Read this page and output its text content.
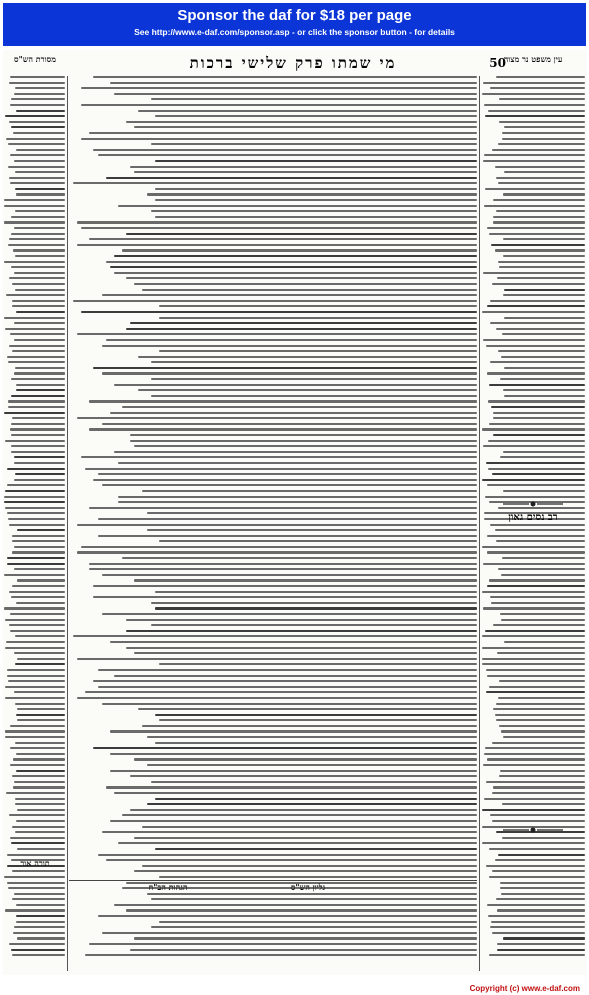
Sponsor the daf for $18 per page
See http://www.e-daf.com/sponsor.asp - or click the sponsor button - for details
50
מי שמתו פרק שלישי ברכות	עין משפט נר מצוה
מסורת הש"ס
רב נסים גאון
תורה אור
גליון הש"ס
הגהות הב"ח
Copyright (c) www.e-daf.com
